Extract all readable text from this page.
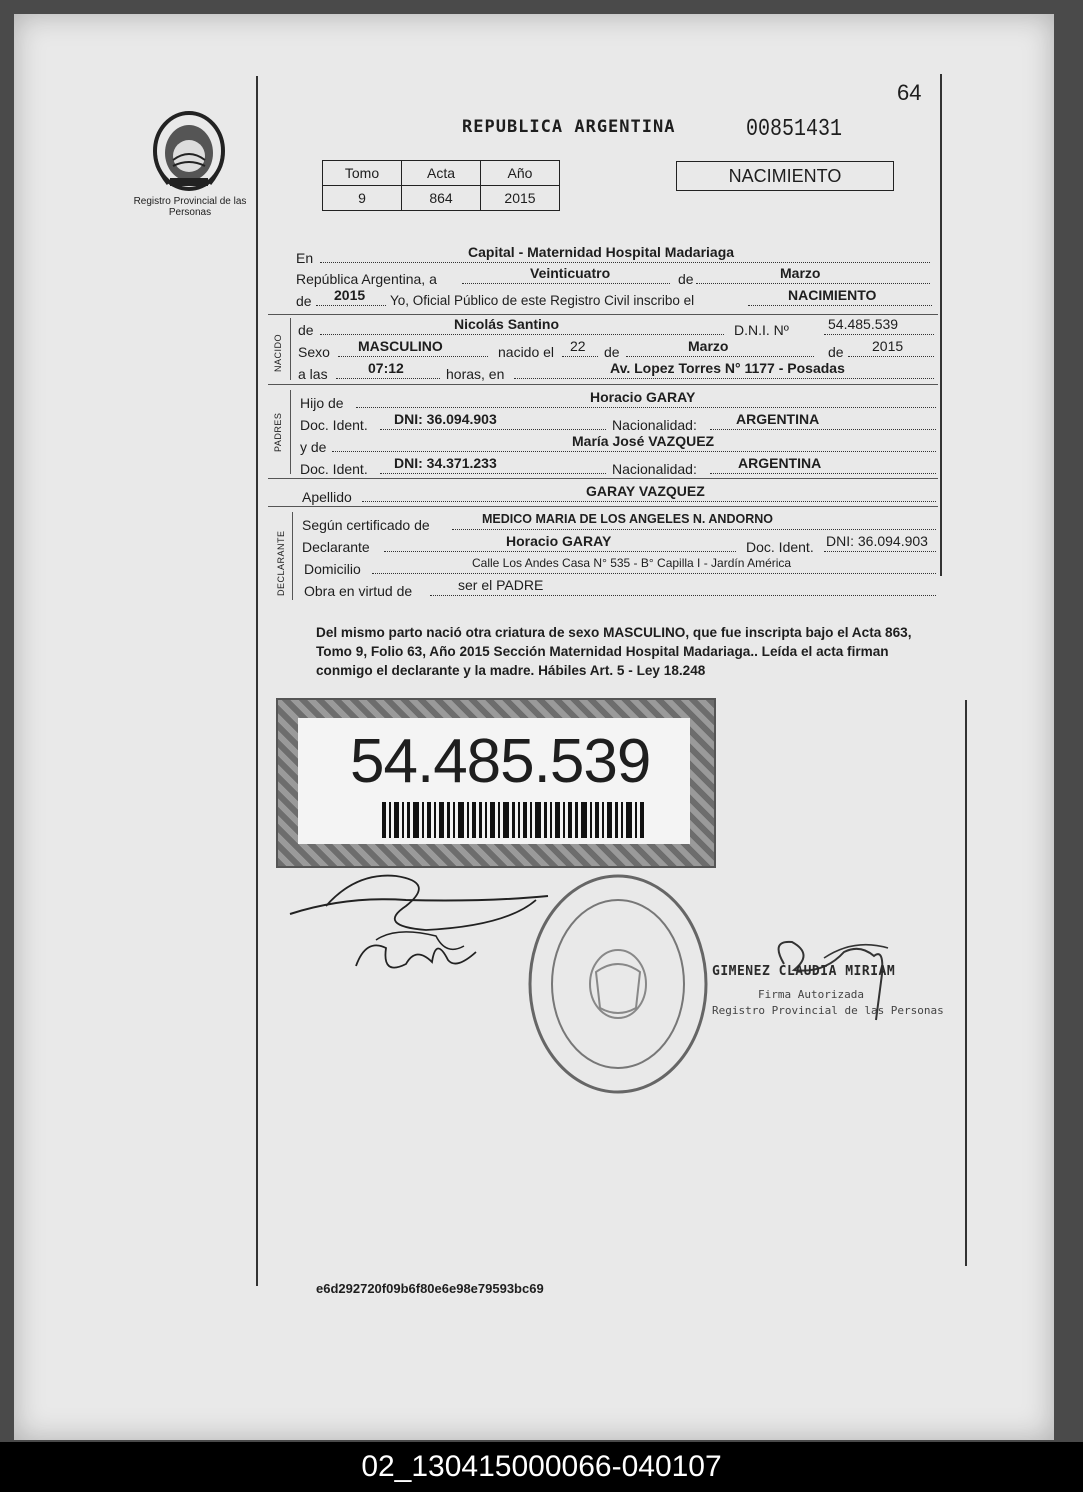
64
Registro Provincial de las Personas
REPUBLICA ARGENTINA	00851431
Tomo	Acta	Año
9	864	2015
NACIMIENTO
En	Capital - Maternidad Hospital Madariaga
República Argentina, a	Veinticuatro	de	Marzo
de 2015 Yo, Oficial Público de este Registro Civil inscribo el	NACIMIENTO
NACIDO
de	Nicolás Santino	D.N.I. Nº	54.485.539
Sexo MASCULINO	nacido el 22 de	Marzo	de 2015
a las	07:12	horas, en	Av. Lopez Torres N° 1177 - Posadas
PADRES
Hijo de	Horacio GARAY
Doc. Ident. DNI: 36.094.903	Nacionalidad:	ARGENTINA
y de	María José VAZQUEZ
Doc. Ident. DNI: 34.371.233	Nacionalidad:	ARGENTINA
Apellido	GARAY VAZQUEZ
DECLARANTE
Según certificado de	MEDICO MARIA DE LOS ANGELES N. ANDORNO
Declarante	Horacio GARAY	Doc. Ident. DNI: 36.094.903
Domicilio	Calle Los Andes Casa N° 535 - B° Capilla I - Jardín América
Obra en virtud de	ser el PADRE
Del mismo parto nació otra criatura de sexo MASCULINO, que fue inscripta bajo el Acta 863, Tomo 9, Folio 63, Año 2015 Sección Maternidad Hospital Madariaga.. Leída el acta firman conmigo el declarante y la madre. Hábiles Art. 5 - Ley 18.248
54.485.539
GIMENEZ CLAUDIA MIRIAM
Firma Autorizada
Registro Provincial de las Personas
e6d292720f09b6f80e6e98e79593bc69
02_130415000066-040107
